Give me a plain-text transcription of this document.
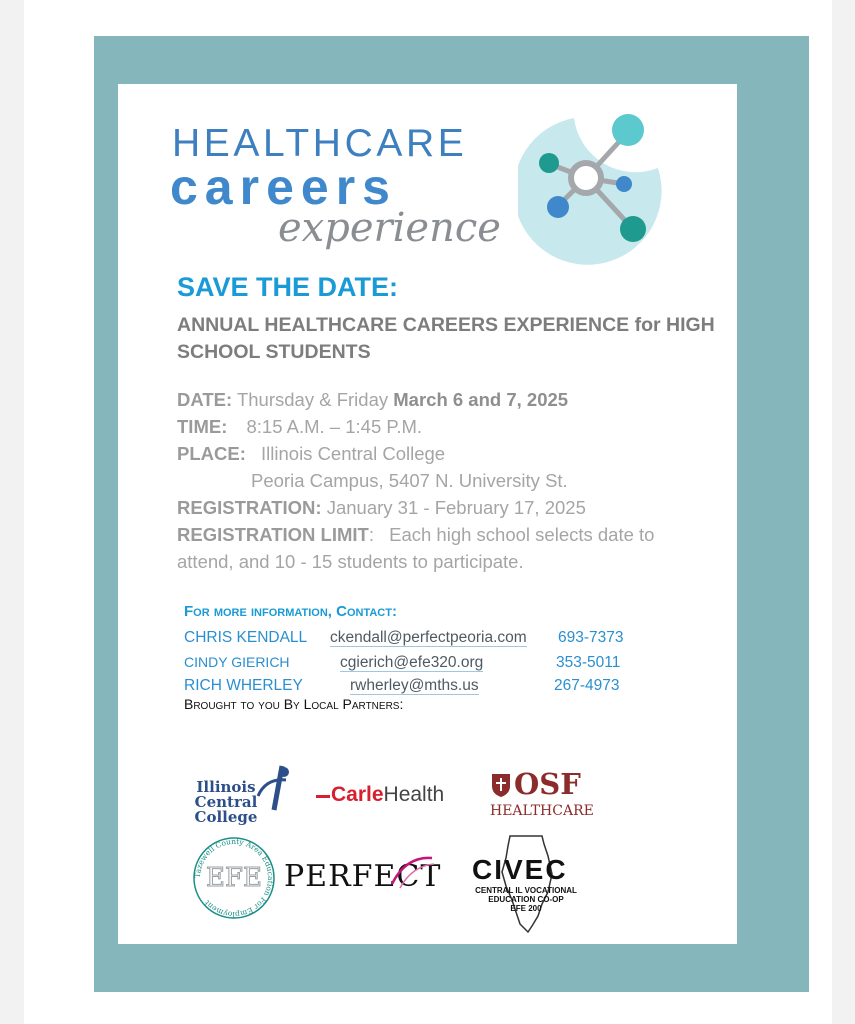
HEALTHCARE
careers
experience
SAVE THE DATE:
ANNUAL HEALTHCARE CAREERS EXPERIENCE for HIGH SCHOOL STUDENTS
DATE: Thursday & Friday March 6 and 7, 2025
TIME: 8:15 A.M. – 1:45 P.M.
PLACE: Illinois Central College
Peoria Campus, 5407 N. University St.
REGISTRATION: January 31 - February 17, 2025
REGISTRATION LIMIT: Each high school selects date to
attend, and 10 - 15 students to participate.
For more information, Contact:
CHRIS KENDALL ckendall@perfectpeoria.com 693-7373
CINDY GIERICH	cgierich@efe320.org	353-5011
RICH WHERLEY	rwherley@mths.us	267-4973
Brought to you By Local Partners:
Illinois
Central
College
CarleHealth OSF
HEALTHCARE
Tazewell County Area Education For Employment
EFE PERFECT CIVEC
CENTRAL IL VOCATIONAL
EDUCATION CO-OP
EFE 200
